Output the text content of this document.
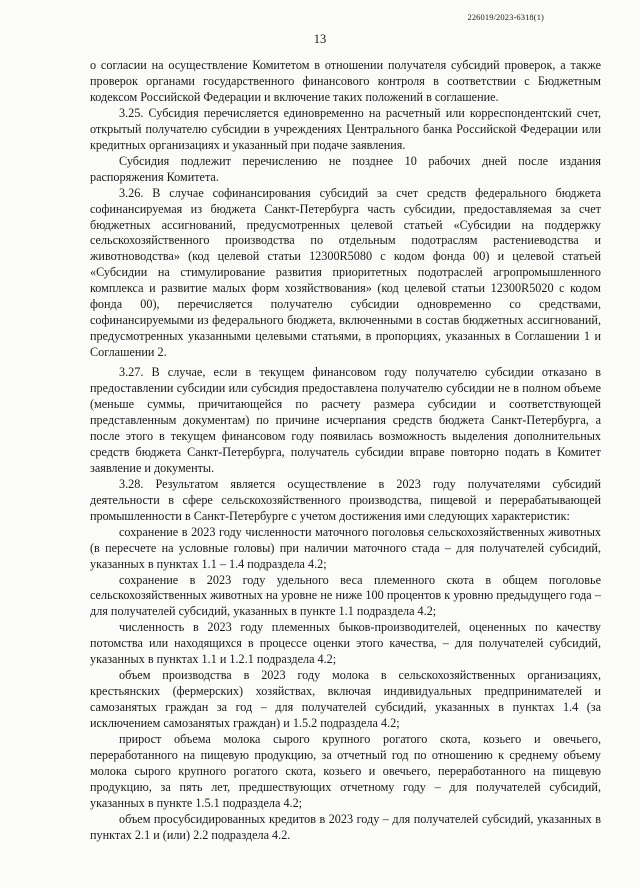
226019/2023-6318(1)
13

о согласии на осуществление Комитетом в отношении получателя субсидий проверок, а также проверок органами государственного финансового контроля в соответствии с Бюджетным кодексом Российской Федерации и включение таких положений в соглашение.

3.25. Субсидия перечисляется единовременно на расчетный или корреспондентский счет, открытый получателю субсидии в учреждениях Центрального банка Российской Федерации или кредитных организациях и указанный при подаче заявления.

Субсидия подлежит перечислению не позднее 10 рабочих дней после издания распоряжения Комитета.

3.26. В случае софинансирования субсидий за счет средств федерального бюджета софинансируемая из бюджета Санкт-Петербурга часть субсидии, предоставляемая за счет бюджетных ассигнований, предусмотренных целевой статьей «Субсидии на поддержку сельскохозяйственного производства по отдельным подотраслям растениеводства и животноводства» (код целевой статьи 12300R5080 с кодом фонда 00) и целевой статьей «Субсидии на стимулирование развития приоритетных подотраслей агропромышленного комплекса и развитие малых форм хозяйствования» (код целевой статьи 12300R5020 с кодом фонда 00), перечисляется получателю субсидии одновременно со средствами, софинансируемыми из федерального бюджета, включенными в состав бюджетных ассигнований, предусмотренных указанными целевыми статьями, в пропорциях, указанных в Соглашении 1 и Соглашении 2.

3.27. В случае, если в текущем финансовом году получателю субсидии отказано в предоставлении субсидии или субсидия предоставлена получателю субсидии не в полном объеме (меньше суммы, причитающейся по расчету размера субсидии и соответствующей представленным документам) по причине исчерпания средств бюджета Санкт-Петербурга, а после этого в текущем финансовом году появилась возможность выделения дополнительных средств бюджета Санкт-Петербурга, получатель субсидии вправе повторно подать в Комитет заявление и документы.

3.28. Результатом является осуществление в 2023 году получателями субсидий деятельности в сфере сельскохозяйственного производства, пищевой и перерабатывающей промышленности в Санкт-Петербурге с учетом достижения ими следующих характеристик:

сохранение в 2023 году численности маточного поголовья сельскохозяйственных животных (в пересчете на условные головы) при наличии маточного стада – для получателей субсидий, указанных в пунктах 1.1 – 1.4 подраздела 4.2;

сохранение в 2023 году удельного веса племенного скота в общем поголовье сельскохозяйственных животных на уровне не ниже 100 процентов к уровню предыдущего года – для получателей субсидий, указанных в пункте 1.1 подраздела 4.2;

численность в 2023 году племенных быков-производителей, оцененных по качеству потомства или находящихся в процессе оценки этого качества, – для получателей субсидий, указанных в пунктах 1.1 и 1.2.1 подраздела 4.2;

объем производства в 2023 году молока в сельскохозяйственных организациях, крестьянских (фермерских) хозяйствах, включая индивидуальных предпринимателей и самозанятых граждан за год – для получателей субсидий, указанных в пунктах 1.4 (за исключением самозанятых граждан) и 1.5.2 подраздела 4.2;

прирост объема молока сырого крупного рогатого скота, козьего и овечьего, переработанного на пищевую продукцию, за отчетный год по отношению к среднему объему молока сырого крупного рогатого скота, козьего и овечьего, переработанного на пищевую продукцию, за пять лет, предшествующих отчетному году – для получателей субсидий, указанных в пункте 1.5.1 подраздела 4.2;

объем просубсидированных кредитов в 2023 году – для получателей субсидий, указанных в пунктах 2.1 и (или) 2.2 подраздела 4.2.
